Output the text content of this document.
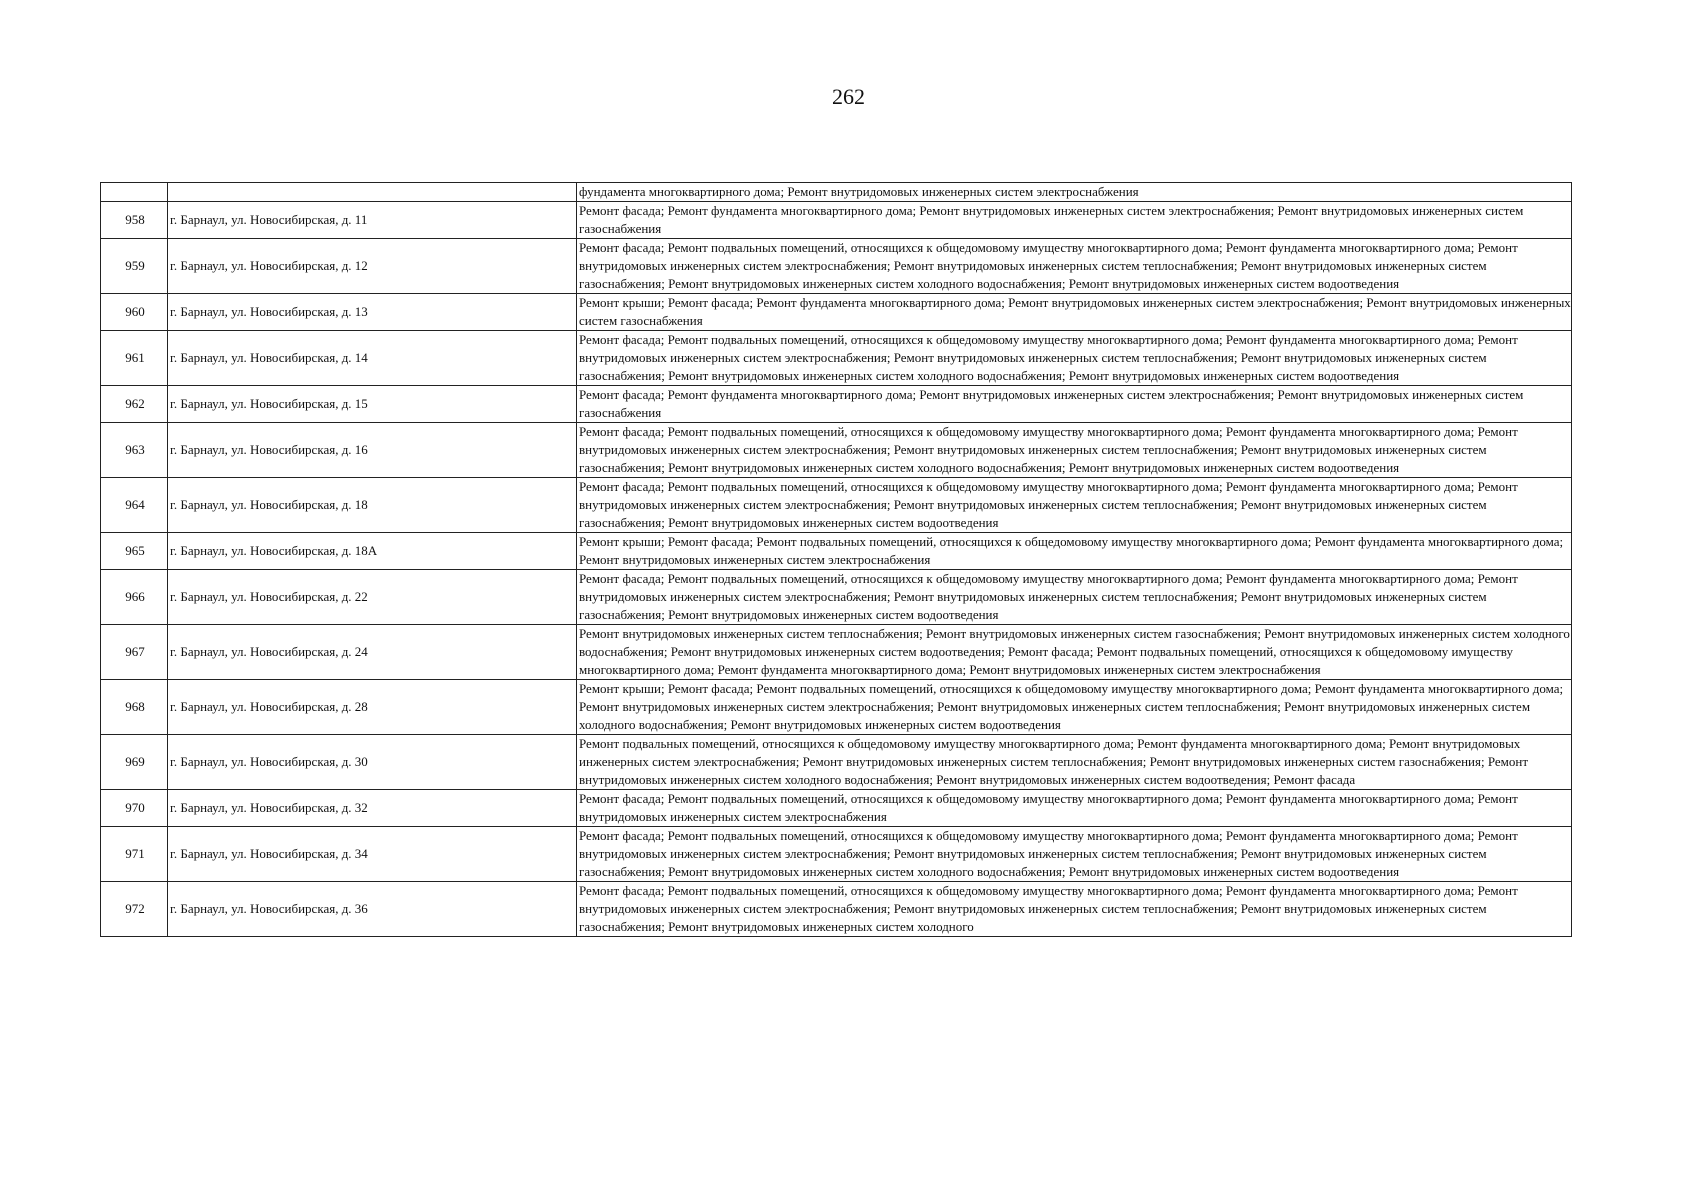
262
		фундамента многоквартирного дома; Ремонт внутридомовых инженерных систем электроснабжения
958	г. Барнаул, ул. Новосибирская, д. 11	Ремонт фасада; Ремонт фундамента многоквартирного дома; Ремонт внутридомовых инженерных систем электроснабжения; Ремонт внутридомовых инженерных систем газоснабжения
959	г. Барнаул, ул. Новосибирская, д. 12	Ремонт фасада; Ремонт подвальных помещений, относящихся к общедомовому имуществу многоквартирного дома; Ремонт фундамента многоквартирного дома; Ремонт внутридомовых инженерных систем электроснабжения; Ремонт внутридомовых инженерных систем теплоснабжения; Ремонт внутридомовых инженерных систем газоснабжения; Ремонт внутридомовых инженерных систем холодного водоснабжения; Ремонт внутридомовых инженерных систем водоотведения
960	г. Барнаул, ул. Новосибирская, д. 13	Ремонт крыши; Ремонт фасада; Ремонт фундамента многоквартирного дома; Ремонт внутридомовых инженерных систем электроснабжения; Ремонт внутридомовых инженерных систем газоснабжения
961	г. Барнаул, ул. Новосибирская, д. 14	Ремонт фасада; Ремонт подвальных помещений, относящихся к общедомовому имуществу многоквартирного дома; Ремонт фундамента многоквартирного дома; Ремонт внутридомовых инженерных систем электроснабжения; Ремонт внутридомовых инженерных систем теплоснабжения; Ремонт внутридомовых инженерных систем газоснабжения; Ремонт внутридомовых инженерных систем холодного водоснабжения; Ремонт внутридомовых инженерных систем водоотведения
962	г. Барнаул, ул. Новосибирская, д. 15	Ремонт фасада; Ремонт фундамента многоквартирного дома; Ремонт внутридомовых инженерных систем электроснабжения; Ремонт внутридомовых инженерных систем газоснабжения
963	г. Барнаул, ул. Новосибирская, д. 16	Ремонт фасада; Ремонт подвальных помещений, относящихся к общедомовому имуществу многоквартирного дома; Ремонт фундамента многоквартирного дома; Ремонт внутридомовых инженерных систем электроснабжения; Ремонт внутридомовых инженерных систем теплоснабжения; Ремонт внутридомовых инженерных систем газоснабжения; Ремонт внутридомовых инженерных систем холодного водоснабжения; Ремонт внутридомовых инженерных систем водоотведения
964	г. Барнаул, ул. Новосибирская, д. 18	Ремонт фасада; Ремонт подвальных помещений, относящихся к общедомовому имуществу многоквартирного дома; Ремонт фундамента многоквартирного дома; Ремонт внутридомовых инженерных систем электроснабжения; Ремонт внутридомовых инженерных систем теплоснабжения; Ремонт внутридомовых инженерных систем газоснабжения; Ремонт внутридомовых инженерных систем водоотведения
965	г. Барнаул, ул. Новосибирская, д. 18А	Ремонт крыши; Ремонт фасада; Ремонт подвальных помещений, относящихся к общедомовому имуществу многоквартирного дома; Ремонт фундамента многоквартирного дома; Ремонт внутридомовых инженерных систем электроснабжения
966	г. Барнаул, ул. Новосибирская, д. 22	Ремонт фасада; Ремонт подвальных помещений, относящихся к общедомовому имуществу многоквартирного дома; Ремонт фундамента многоквартирного дома; Ремонт внутридомовых инженерных систем электроснабжения; Ремонт внутридомовых инженерных систем теплоснабжения; Ремонт внутридомовых инженерных систем газоснабжения; Ремонт внутридомовых инженерных систем водоотведения
967	г. Барнаул, ул. Новосибирская, д. 24	Ремонт внутридомовых инженерных систем теплоснабжения; Ремонт внутридомовых инженерных систем газоснабжения; Ремонт внутридомовых инженерных систем холодного водоснабжения; Ремонт внутридомовых инженерных систем водоотведения; Ремонт фасада; Ремонт подвальных помещений, относящихся к общедомовому имуществу многоквартирного дома; Ремонт фундамента многоквартирного дома; Ремонт внутридомовых инженерных систем электроснабжения
968	г. Барнаул, ул. Новосибирская, д. 28	Ремонт крыши; Ремонт фасада; Ремонт подвальных помещений, относящихся к общедомовому имуществу многоквартирного дома; Ремонт фундамента многоквартирного дома; Ремонт внутридомовых инженерных систем электроснабжения; Ремонт внутридомовых инженерных систем теплоснабжения; Ремонт внутридомовых инженерных систем холодного водоснабжения; Ремонт внутридомовых инженерных систем водоотведения
969	г. Барнаул, ул. Новосибирская, д. 30	Ремонт подвальных помещений, относящихся к общедомовому имуществу многоквартирного дома; Ремонт фундамента многоквартирного дома; Ремонт внутридомовых инженерных систем электроснабжения; Ремонт внутридомовых инженерных систем теплоснабжения; Ремонт внутридомовых инженерных систем газоснабжения; Ремонт внутридомовых инженерных систем холодного водоснабжения; Ремонт внутридомовых инженерных систем водоотведения; Ремонт фасада
970	г. Барнаул, ул. Новосибирская, д. 32	Ремонт фасада; Ремонт подвальных помещений, относящихся к общедомовому имуществу многоквартирного дома; Ремонт фундамента многоквартирного дома; Ремонт внутридомовых инженерных систем электроснабжения
971	г. Барнаул, ул. Новосибирская, д. 34	Ремонт фасада; Ремонт подвальных помещений, относящихся к общедомовому имуществу многоквартирного дома; Ремонт фундамента многоквартирного дома; Ремонт внутридомовых инженерных систем электроснабжения; Ремонт внутридомовых инженерных систем теплоснабжения; Ремонт внутридомовых инженерных систем газоснабжения; Ремонт внутридомовых инженерных систем холодного водоснабжения; Ремонт внутридомовых инженерных систем водоотведения
972	г. Барнаул, ул. Новосибирская, д. 36	Ремонт фасада; Ремонт подвальных помещений, относящихся к общедомовому имуществу многоквартирного дома; Ремонт фундамента многоквартирного дома; Ремонт внутридомовых инженерных систем электроснабжения; Ремонт внутридомовых инженерных систем теплоснабжения; Ремонт внутридомовых инженерных систем газоснабжения; Ремонт внутридомовых инженерных систем холодного
